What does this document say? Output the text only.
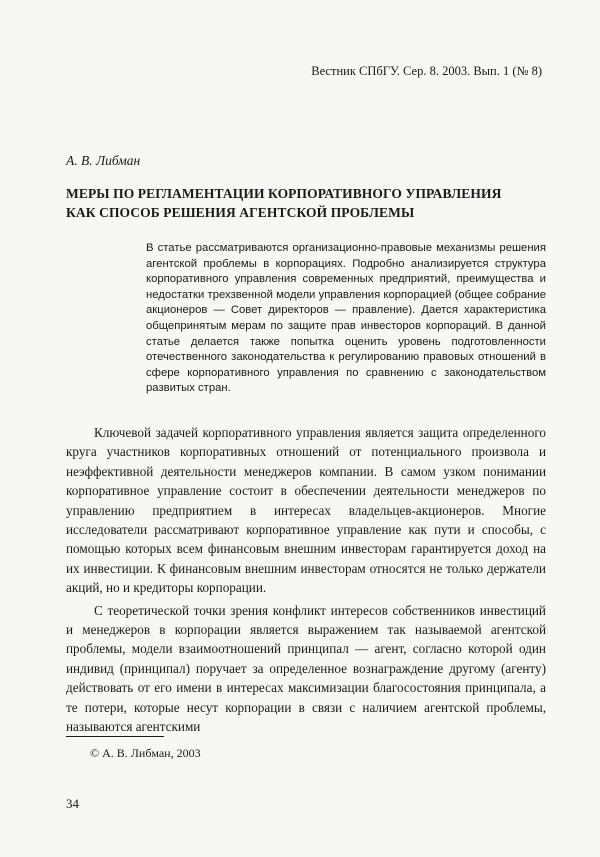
Вестник СПбГУ. Сер. 8. 2003. Вып. 1 (№ 8)
А. В. Либман
МЕРЫ ПО РЕГЛАМЕНТАЦИИ КОРПОРАТИВНОГО УПРАВЛЕНИЯ
КАК СПОСОБ РЕШЕНИЯ АГЕНТСКОЙ ПРОБЛЕМЫ

В статье рассматриваются организационно-правовые механизмы решения агентской проблемы в корпорациях. Подробно анализируется структура корпоративного управления современных предприятий, преимущества и недостатки трехзвенной модели управления корпорацией (общее собрание акционеров — Совет директоров — правление). Дается характеристика общепринятым мерам по защите прав инвесторов корпораций. В данной статье делается также попытка оценить уровень подготовленности отечественного законодательства к регулированию правовых отношений в сфере корпоративного управления по сравнению с законодательством развитых стран.

Ключевой задачей корпоративного управления является защита определенного круга участников корпоративных отношений от потенциального произвола и неэффективной деятельности менеджеров компании. В самом узком понимании корпоративное управление состоит в обеспечении деятельности менеджеров по управлению предприятием в интересах владельцев-акционеров. Многие исследователи рассматривают корпоративное управление как пути и способы, с помощью которых всем финансовым внешним инвесторам гарантируется доход на их инвестиции. К финансовым внешним инвесторам относятся не только держатели акций, но и кредиторы корпорации.

С теоретической точки зрения конфликт интересов собственников инвестиций и менеджеров в корпорации является выражением так называемой агентской проблемы, модели взаимоотношений принципал — агент, согласно которой один индивид (принципал) поручает за определенное вознаграждение другому (агенту) действовать от его имени в интересах максимизации благосостояния принципала, а те потери, которые несут корпорации в связи с наличием агентской проблемы, называются агентскими

© А. В. Либман, 2003
34
